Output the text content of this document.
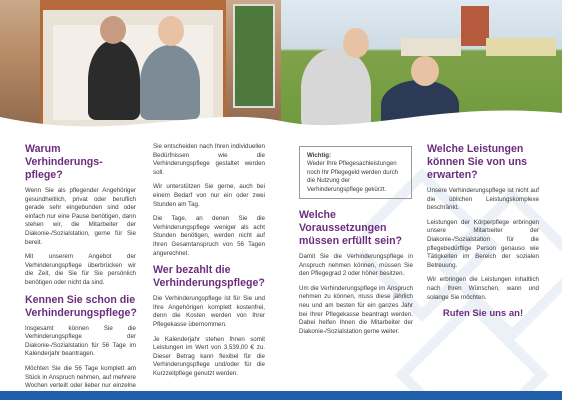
Warum Verhinderungs-pflege?

Wenn Sie als pflegender Angehöriger gesundheitlich, privat oder beruflich gerade sehr eingebunden sind oder einfach nur eine Pause benötigen, dann stehen wir, die Mitarbeiter der Diakonie-/Sozialstation, gerne für Sie bereit.

Mit unserem Angebot der Verhinderungspflege überbrücken wir die Zeit, die Sie für Sie persönlich benötigen oder nicht da sind.

Kennen Sie schon die Verhinderungspflege?

Insgesamt können Sie die Verhinderungspflege der Diakonie-/Sozialstation für 56 Tage im Kalenderjahr beantragen.

Möchten Sie die 56 Tage komplett am Stück in Anspruch nehmen, auf mehrere Wochen verteilt oder lieber nur einzelne

Sie entscheiden nach Ihren individuellen Bedürfnissen wie die Verhinderungspflege gestaltet werden soll.

Wir unterstützen Sie gerne, auch bei einem Bedarf von nur ein oder zwei Stunden am Tag.

Die Tage, an denen Sie die Verhinderungspflege weniger als acht Stunden benötigen, werden nicht auf Ihren Gesamtanspruch von 56 Tagen angerechnet.

Wer bezahlt die Verhinderungspflege?

Die Verhinderungspflege ist für Sie und Ihre Angehörigen komplett kostenfrei, denn die Kosten werden von Ihrer Pflegekasse übernommen.

Je Kalenderjahr stehen Ihnen somit Leistungen im Wert von 3.539,00 € zu. Dieser Betrag kann flexibel für die Verhinderungspflege und/oder für die Kurzzeitpflege genutzt werden.

Wichtig:
Weder Ihre Pflegesachleistungen noch Ihr Pflegegeld werden durch die Nutzung der Verhinderungspflege gekürzt.
Welche Voraussetzungen müssen erfüllt sein?

Damit Sie die Verhinderungspflege in Anspruch nehmen können, müssen Sie den Pflegegrad 2 oder höher besitzen.

Um die Verhinderungspflege im Anspruch nehmen zu können, muss diese jährlich neu und am besten für ein ganzes Jahr bei Ihrer Pflegekasse beantragt werden. Dabei helfen Ihnen die Mitarbeiter der Diakonie-/Sozialstation gerne weiter.

Welche Leistungen können Sie von uns erwarten?

Unsere Verhinderungspflege ist nicht auf die üblichen Leistungskomplexe beschränkt.

Leistungen der Körperpflege erbringen unsere Mitarbeiter der Diakonie-/Sozialstation für die pflegebedürftige Person genauso wie Tätigkeiten im Bereich der sozialen Betreuung.

Wir erbringen die Leistungen inhaltlich nach Ihren Wünschen, wann und solange Sie möchten.

Rufen Sie uns an!
